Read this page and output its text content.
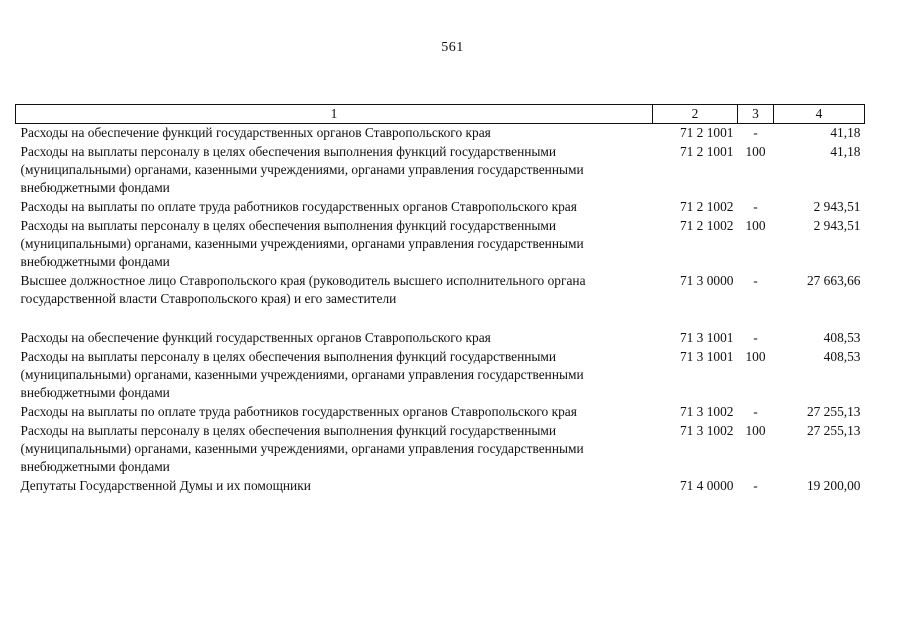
561
1	2	3	4
Расходы на обеспечение функций государственных органов Ставропольского края	71 2 1001	-	41,18
Расходы на выплаты персоналу в целях обеспечения выполнения функций государственными (муниципальными) органами, казенными учреждениями, органами управления государственными внебюджетными фондами	71 2 1001	100	41,18
Расходы на выплаты по оплате труда работников государственных органов Ставропольского края	71 2 1002	-	2 943,51
Расходы на выплаты персоналу в целях обеспечения выполнения функций государственными (муниципальными) органами, казенными учреждениями, органами управления государственными внебюджетными фондами	71 2 1002	100	2 943,51
Высшее должностное лицо Ставропольского края (руководитель высшего исполнительного органа государственной власти Ставропольского края) и его заместители	71 3 0000	-	27 663,66
Расходы на обеспечение функций государственных органов Ставропольского края	71 3 1001	-	408,53
Расходы на выплаты персоналу в целях обеспечения выполнения функций государственными (муниципальными) органами, казенными учреждениями, органами управления государственными внебюджетными фондами	71 3 1001	100	408,53
Расходы на выплаты по оплате труда работников государственных органов Ставропольского края	71 3 1002	-	27 255,13
Расходы на выплаты персоналу в целях обеспечения выполнения функций государственными (муниципальными) органами, казенными учреждениями, органами управления государственными внебюджетными фондами	71 3 1002	100	27 255,13
Депутаты Государственной Думы и их помощники	71 4 0000	-	19 200,00
